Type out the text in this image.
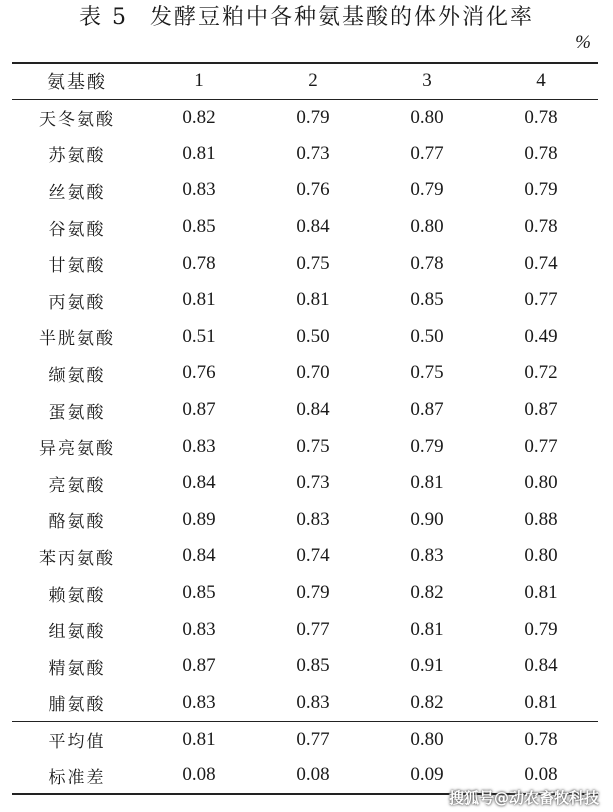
表 5 发酵豆粕中各种氨基酸的体外消化率
%
氨基酸	1	2	3	4
天冬氨酸	0.82	0.79	0.80	0.78
苏氨酸	0.81	0.73	0.77	0.78
丝氨酸	0.83	0.76	0.79	0.79
谷氨酸	0.85	0.84	0.80	0.78
甘氨酸	0.78	0.75	0.78	0.74
丙氨酸	0.81	0.81	0.85	0.77
半胱氨酸	0.51	0.50	0.50	0.49
缬氨酸	0.76	0.70	0.75	0.72
蛋氨酸	0.87	0.84	0.87	0.87
异亮氨酸	0.83	0.75	0.79	0.77
亮氨酸	0.84	0.73	0.81	0.80
酪氨酸	0.89	0.83	0.90	0.88
苯丙氨酸	0.84	0.74	0.83	0.80
赖氨酸	0.85	0.79	0.82	0.81
组氨酸	0.83	0.77	0.81	0.79
精氨酸	0.87	0.85	0.91	0.84
脯氨酸	0.83	0.83	0.82	0.81
平均值	0.81	0.77	0.80	0.78
标准差	0.08	0.08	0.09	0.08
搜狐号@动农畜牧科技
